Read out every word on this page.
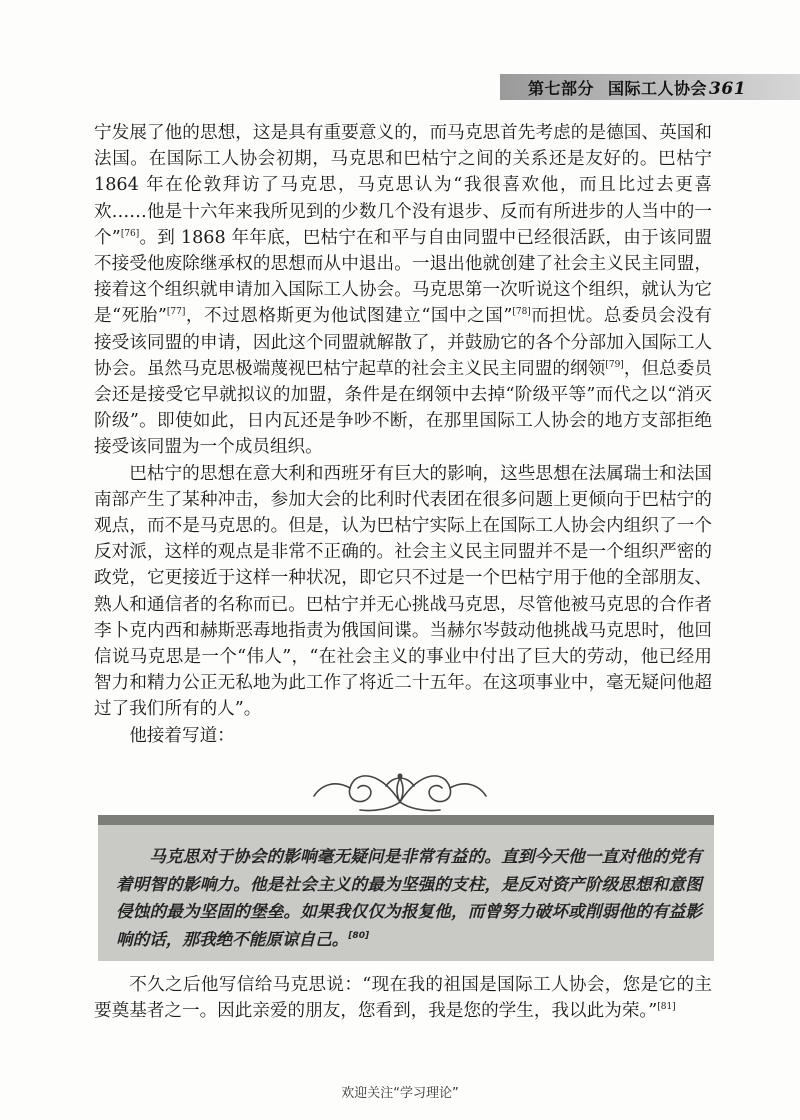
第七部分 国际工人协会 361

宁发展了他的思想，这是具有重要意义的，而马克思首先考虑的是德国、英国和法国。在国际工人协会初期，马克思和巴枯宁之间的关系还是友好的。巴枯宁 1864 年在伦敦拜访了马克思，马克思认为“我很喜欢他，而且比过去更喜欢……他是十六年来我所见到的少数几个没有退步、反而有所进步的人当中的一个”[76]。到 1868 年年底，巴枯宁在和平与自由同盟中已经很活跃，由于该同盟不接受他废除继承权的思想而从中退出。一退出他就创建了社会主义民主同盟，接着这个组织就申请加入国际工人协会。马克思第一次听说这个组织，就认为它是“死胎”[77]，不过恩格斯更为他试图建立“国中之国”[78]而担忧。总委员会没有接受该同盟的申请，因此这个同盟就解散了，并鼓励它的各个分部加入国际工人协会。虽然马克思极端蔑视巴枯宁起草的社会主义民主同盟的纲领[79]，但总委员会还是接受它早就拟议的加盟，条件是在纲领中去掉“阶级平等”而代之以“消灭阶级”。即使如此，日内瓦还是争吵不断，在那里国际工人协会的地方支部拒绝接受该同盟为一个成员组织。

巴枯宁的思想在意大利和西班牙有巨大的影响，这些思想在法属瑞士和法国南部产生了某种冲击，参加大会的比利时代表团在很多问题上更倾向于巴枯宁的观点，而不是马克思的。但是，认为巴枯宁实际上在国际工人协会内组织了一个反对派，这样的观点是非常不正确的。社会主义民主同盟并不是一个组织严密的政党，它更接近于这样一种状况，即它只不过是一个巴枯宁用于他的全部朋友、熟人和通信者的名称而已。巴枯宁并无心挑战马克思，尽管他被马克思的合作者李卜克内西和赫斯恶毒地指责为俄国间谍。当赫尔岑鼓动他挑战马克思时，他回信说马克思是一个“伟人”，“在社会主义的事业中付出了巨大的劳动，他已经用智力和精力公正无私地为此工作了将近二十五年。在这项事业中，毫无疑问他超过了我们所有的人”。

他接着写道：

马克思对于协会的影响毫无疑问是非常有益的。直到今天他一直对他的党有着明智的影响力。他是社会主义的最为坚强的支柱，是反对资产阶级思想和意图侵蚀的最为坚固的堡垒。如果我仅仅为报复他，而曾努力破坏或削弱他的有益影响的话，那我绝不能原谅自己。[80]

不久之后他写信给马克思说：“现在我的祖国是国际工人协会，您是它的主要奠基者之一。因此亲爱的朋友，您看到，我是您的学生，我以此为荣。”[81]

欢迎关注“学习理论”
